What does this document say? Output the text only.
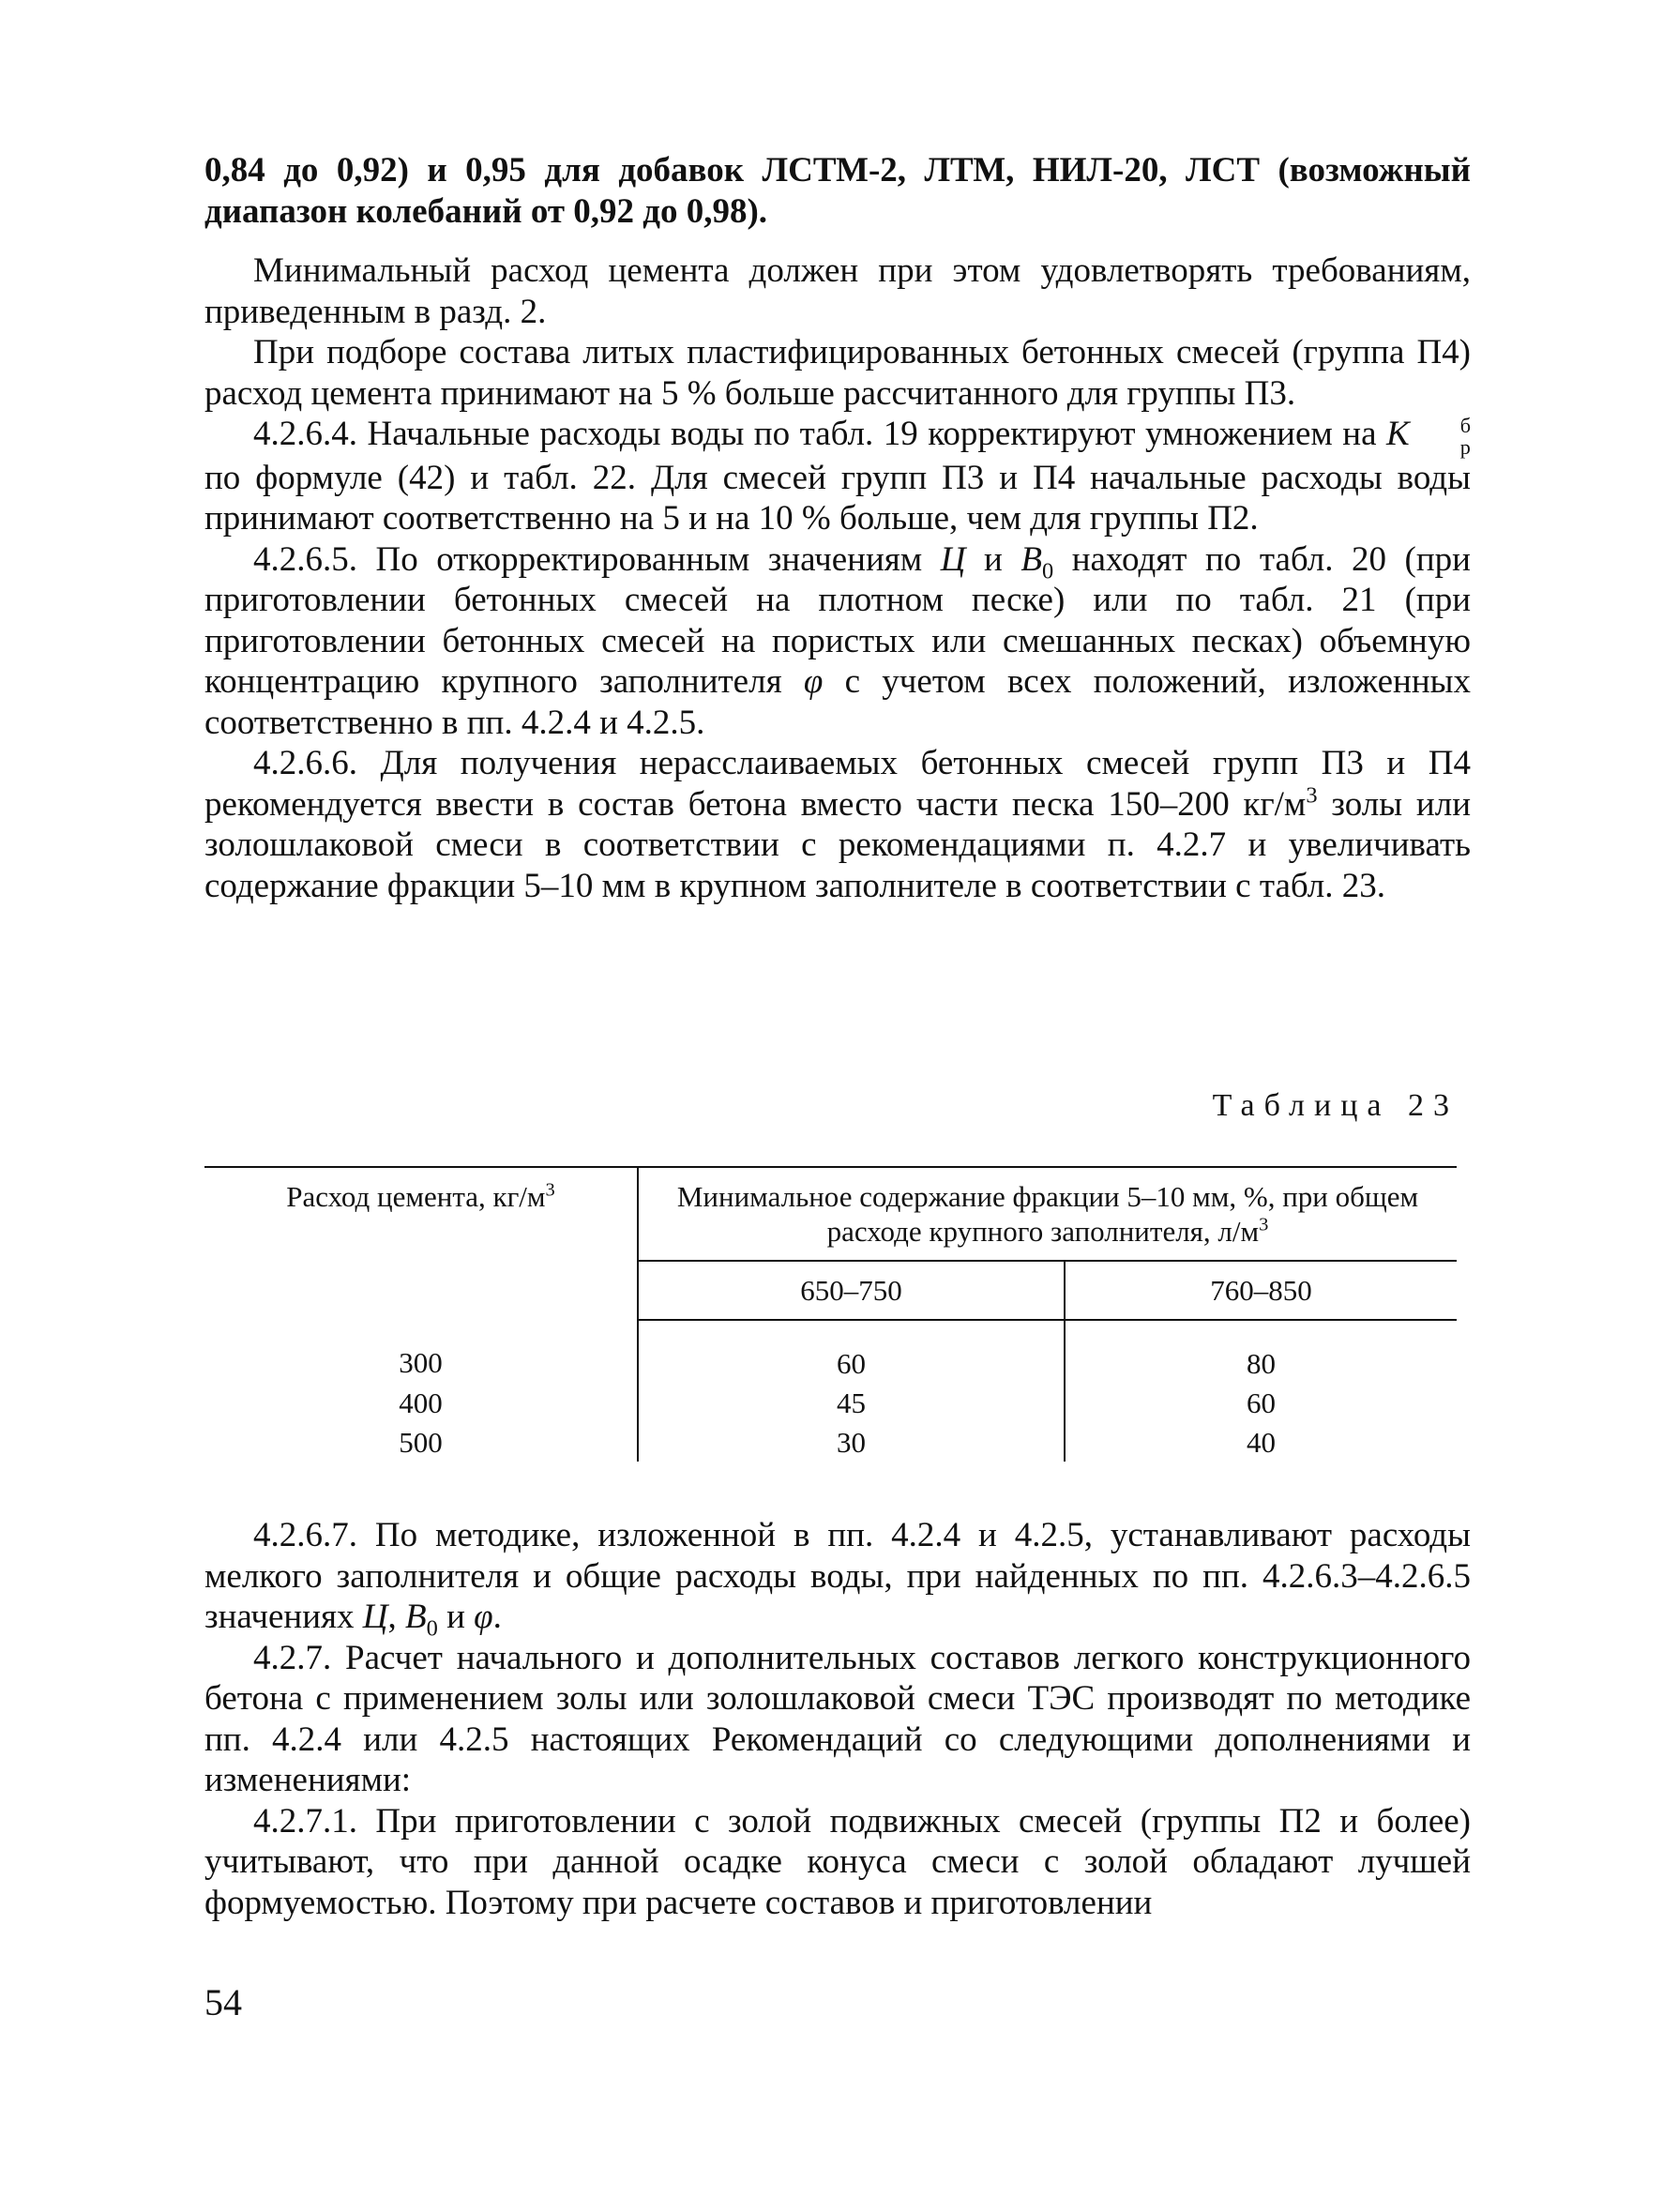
0,84 до 0,92) и 0,95 для добавок ЛСТМ-2, ЛТМ, НИЛ-20, ЛСТ (возможный диапазон колебаний от 0,92 до 0,98).

Минимальный расход цемента должен при этом удовлетворять требованиям, приведенным в разд. 2.

При подборе состава литых пластифицированных бетонных смесей (группа П4) расход цемента принимают на 5 % больше рассчитанного для группы П3.

4.2.6.4. Начальные расходы воды по табл. 19 корректируют умножением на K	б
р
по формуле (42) и табл. 22. Для смесей групп П3 и П4 начальные расходы воды принимают соответственно на 5 и на 10 % больше, чем для группы П2.

4.2.6.5. По откорректированным значениям Ц и $B_0$ находят по табл. 20 (при приготовлении бетонных смесей на плотном песке) или по табл. 21 (при приготовлении бетонных смесей на пористых или смешанных песках) объемную концентрацию крупного заполнителя φ с учетом всех положений, изложенных соответственно в пп. 4.2.4 и 4.2.5.

4.2.6.6. Для получения нерасслаиваемых бетонных смесей групп П3 и П4 рекомендуется ввести в состав бетона вместо части песка 150–200 $кг/м^3$ золы или золошлаковой смеси в соответствии с рекомендациями п. 4.2.7 и увеличивать содержание фракции 5–10 мм в крупном заполнителе в соответствии с табл. 23.

Таблица 23
Расход цемента, $кг/м^3$	Минимальное содержание фракции 5–10 мм, %, при общем расходе крупного заполнителя, $л/м^3$
	650–750	760–850
300	60	80
400	45	60
500	30	40

4.2.6.7. По методике, изложенной в пп. 4.2.4 и 4.2.5, устанавливают расходы мелкого заполнителя и общие расходы воды, при найденных по пп. 4.2.6.3–4.2.6.5 значениях Ц, $B_0$ и φ.

4.2.7. Расчет начального и дополнительных составов легкого конструкционного бетона с применением золы или золошлаковой смеси ТЭС производят по методике пп. 4.2.4 или 4.2.5 настоящих Рекомендаций со следующими дополнениями и изменениями:

4.2.7.1. При приготовлении с золой подвижных смесей (группы П2 и более) учитывают, что при данной осадке конуса смеси с золой обладают лучшей формуемостью. Поэтому при расчете составов и приготовлении

54
